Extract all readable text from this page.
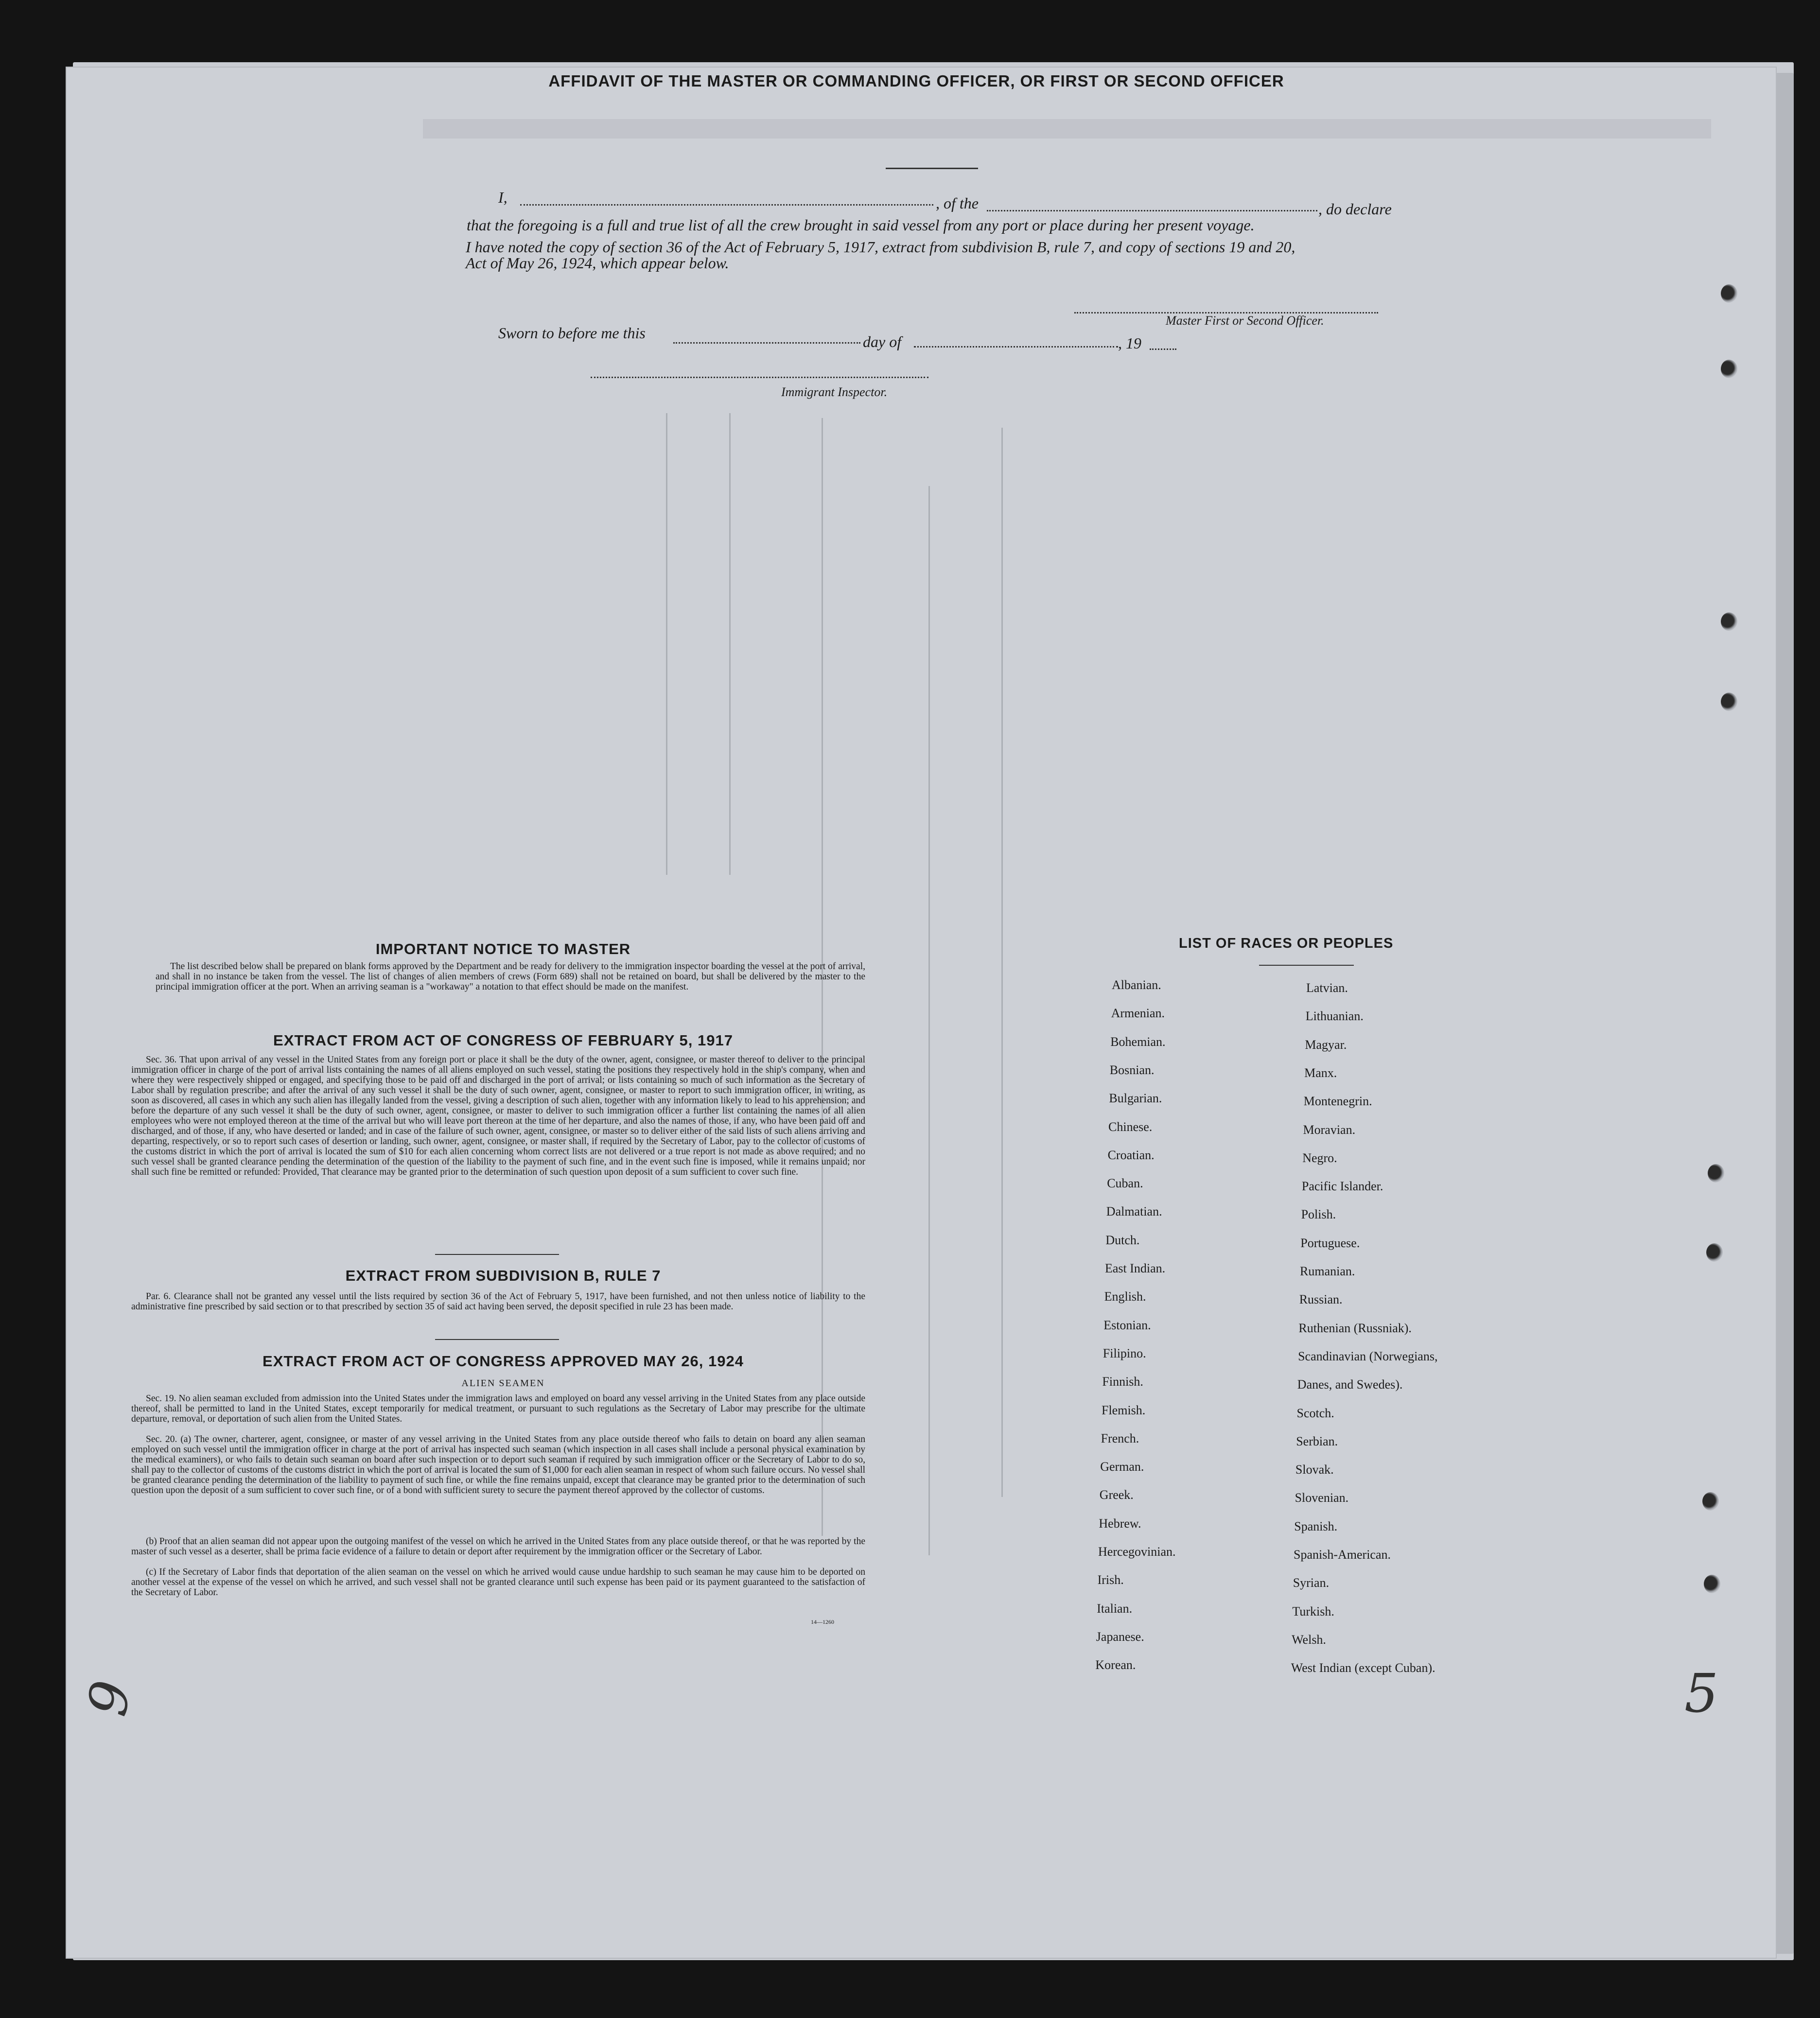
AFFIDAVIT OF THE MASTER OR COMMANDING OFFICER, OR FIRST OR SECOND OFFICER
I,	, of the	, do declare
that the foregoing is a full and true list of all the crew brought in said vessel from any port or place during her present voyage.
I have noted the copy of section 36 of the Act of February 5, 1917, extract from subdivision B, rule 7, and copy of sections 19 and 20,
Act of May 26, 1924, which appear below.
Master First or Second Officer.
Sworn to before me this	day of	, 19
Immigrant Inspector.
IMPORTANT NOTICE TO MASTER
The list described below shall be prepared on blank forms approved by the Department and be ready for delivery to the immigration inspector boarding the vessel at the port of arrival, and shall in no instance be taken from the vessel. The list of changes of alien members of crews (Form 689) shall not be retained on board, but shall be delivered by the master to the principal immigration officer at the port. When an arriving seaman is a "workaway" a notation to that effect should be made on the manifest.
EXTRACT FROM ACT OF CONGRESS OF FEBRUARY 5, 1917
Sec. 36. That upon arrival of any vessel in the United States from any foreign port or place it shall be the duty of the owner, agent, consignee, or master thereof to deliver to the principal immigration officer in charge of the port of arrival lists containing the names of all aliens employed on such vessel, stating the positions they respectively hold in the ship's company, when and where they were respectively shipped or engaged, and specifying those to be paid off and discharged in the port of arrival; or lists containing so much of such information as the Secretary of Labor shall by regulation prescribe; and after the arrival of any such vessel it shall be the duty of such owner, agent, consignee, or master to report to such immigration officer, in writing, as soon as discovered, all cases in which any such alien has illegally landed from the vessel, giving a description of such alien, together with any information likely to lead to his apprehension; and before the departure of any such vessel it shall be the duty of such owner, agent, consignee, or master to deliver to such immigration officer a further list containing the names of all alien employees who were not employed thereon at the time of the arrival but who will leave port thereon at the time of her departure, and also the names of those, if any, who have been paid off and discharged, and of those, if any, who have deserted or landed; and in case of the failure of such owner, agent, consignee, or master so to deliver either of the said lists of such aliens arriving and departing, respectively, or so to report such cases of desertion or landing, such owner, agent, consignee, or master shall, if required by the Secretary of Labor, pay to the collector of customs of the customs district in which the port of arrival is located the sum of $10 for each alien concerning whom correct lists are not delivered or a true report is not made as above required; and no such vessel shall be granted clearance pending the determination of the question of the liability to the payment of such fine, and in the event such fine is imposed, while it remains unpaid; nor shall such fine be remitted or refunded: Provided, That clearance may be granted prior to the determination of such question upon deposit of a sum sufficient to cover such fine.
EXTRACT FROM SUBDIVISION B, RULE 7
Par. 6. Clearance shall not be granted any vessel until the lists required by section 36 of the Act of February 5, 1917, have been furnished, and not then unless notice of liability to the administrative fine prescribed by said section or to that prescribed by section 35 of said act having been served, the deposit specified in rule 23 has been made.
EXTRACT FROM ACT OF CONGRESS APPROVED MAY 26, 1924
ALIEN SEAMEN
Sec. 19. No alien seaman excluded from admission into the United States under the immigration laws and employed on board any vessel arriving in the United States from any place outside thereof, shall be permitted to land in the United States, except temporarily for medical treatment, or pursuant to such regulations as the Secretary of Labor may prescribe for the ultimate departure, removal, or deportation of such alien from the United States.
Sec. 20. (a) The owner, charterer, agent, consignee, or master of any vessel arriving in the United States from any place outside thereof who fails to detain on board any alien seaman employed on such vessel until the immigration officer in charge at the port of arrival has inspected such seaman (which inspection in all cases shall include a personal physical examination by the medical examiners), or who fails to detain such seaman on board after such inspection or to deport such seaman if required by such immigration officer or the Secretary of Labor to do so, shall pay to the collector of customs of the customs district in which the port of arrival is located the sum of $1,000 for each alien seaman in respect of whom such failure occurs. No vessel shall be granted clearance pending the determination of the liability to payment of such fine, or while the fine remains unpaid, except that clearance may be granted prior to the determination of such question upon the deposit of a sum sufficient to cover such fine, or of a bond with sufficient surety to secure the payment thereof approved by the collector of customs.
(b) Proof that an alien seaman did not appear upon the outgoing manifest of the vessel on which he arrived in the United States from any place outside thereof, or that he was reported by the master of such vessel as a deserter, shall be prima facie evidence of a failure to detain or deport after requirement by the immigration officer or the Secretary of Labor.
(c) If the Secretary of Labor finds that deportation of the alien seaman on the vessel on which he arrived would cause undue hardship to such seaman he may cause him to be deported on another vessel at the expense of the vessel on which he arrived, and such vessel shall not be granted clearance until such expense has been paid or its payment guaranteed to the satisfaction of the Secretary of Labor.
14—1260
LIST OF RACES OR PEOPLES
Albanian.
Armenian.
Bohemian.
Bosnian.
Bulgarian.
Chinese.
Croatian.
Cuban.
Dalmatian.
Dutch.
East Indian.
English.
Estonian.
Filipino.
Finnish.
Flemish.
French.
German.
Greek.
Hebrew.
Hercegovinian.
Irish.
Italian.
Japanese.
Korean.
Latvian.
Lithuanian.
Magyar.
Manx.
Montenegrin.
Moravian.
Negro.
Pacific Islander.
Polish.
Portuguese.
Rumanian.
Russian.
Ruthenian (Russniak).
Scandinavian (Norwegians,
Danes, and Swedes).
Scotch.
Serbian.
Slovak.
Slovenian.
Spanish.
Spanish-American.
Syrian.
Turkish.
Welsh.
West Indian (except Cuban).
9	5
